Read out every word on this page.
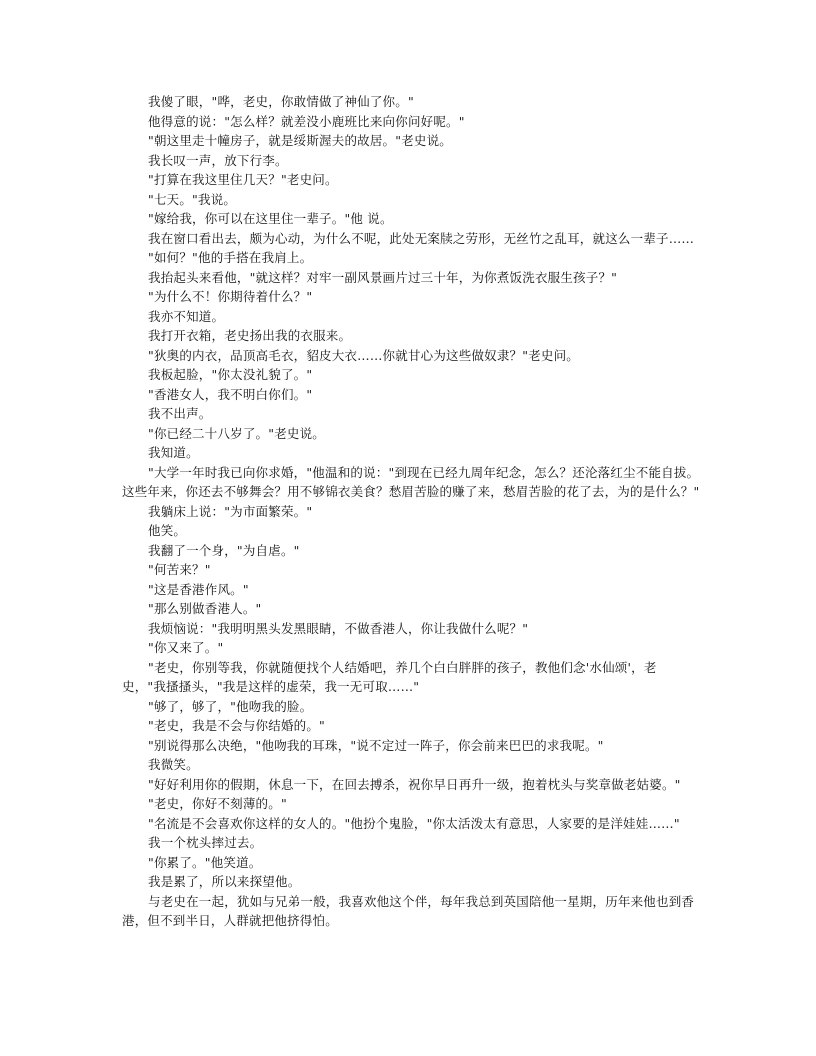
我傻了眼，"哗，老史，你敢情做了神仙了你。"

他得意的说："怎么样？就差没小鹿班比来向你问好呢。"

"朝这里走十幢房子，就是绥斯渥夫的故居。"老史说。

我长叹一声，放下行李。

"打算在我这里住几天？"老史问。

"七天。"我说。

"嫁给我，你可以在这里住一辈子。"他 说。

我在窗口看出去，颇为心动，为什么不呢，此处无案牍之劳形，无丝竹之乱耳，就这么一辈子……

"如何？"他的手搭在我肩上。

我抬起头来看他，"就这样？对牢一副风景画片过三十年，为你煮饭洗衣服生孩子？"

"为什么不！你期待着什么？"

我亦不知道。

我打开衣箱，老史扬出我的衣服来。

"狄奥的内衣，品顶高毛衣，貂皮大衣……你就甘心为这些做奴隶？"老史问。

我板起脸，"你太没礼貌了。"

"香港女人，我不明白你们。"

我不出声。

"你已经二十八岁了。"老史说。

我知道。

"大学一年时我已向你求婚，"他温和的说："到现在已经九周年纪念，怎么？还沦落红尘不能自拔。这些年来，你还去不够舞会？用不够锦衣美食？愁眉苦脸的赚了来，愁眉苦脸的花了去，为的是什么？"

我躺床上说："为市面繁荣。"

他笑。

我翻了一个身，"为自虐。"

"何苦来？"

"这是香港作风。"

"那么别做香港人。"

我烦恼说："我明明黑头发黑眼睛，不做香港人，你让我做什么呢？"

"你又来了。"

"老史，你别等我，你就随便找个人结婚吧，养几个白白胖胖的孩子，教他们念'水仙颂'，老史，"我搔搔头，"我是这样的虚荣，我一无可取……"

"够了，够了，"他吻我的脸。

"老史，我是不会与你结婚的。"

"别说得那么决绝，"他吻我的耳珠，"说不定过一阵子，你会前来巴巴的求我呢。"

我微笑。

"好好利用你的假期，休息一下，在回去搏杀，祝你早日再升一级，抱着枕头与奖章做老姑婆。"

"老史，你好不刻薄的。"

"名流是不会喜欢你这样的女人的。"他扮个鬼脸，"你太活泼太有意思，人家要的是洋娃娃……"

我一个枕头摔过去。

"你累了。"他笑道。

我是累了，所以来探望他。

与老史在一起，犹如与兄弟一般，我喜欢他这个伴，每年我总到英国陪他一星期，历年来他也到香港，但不到半日，人群就把他挤得怕。
